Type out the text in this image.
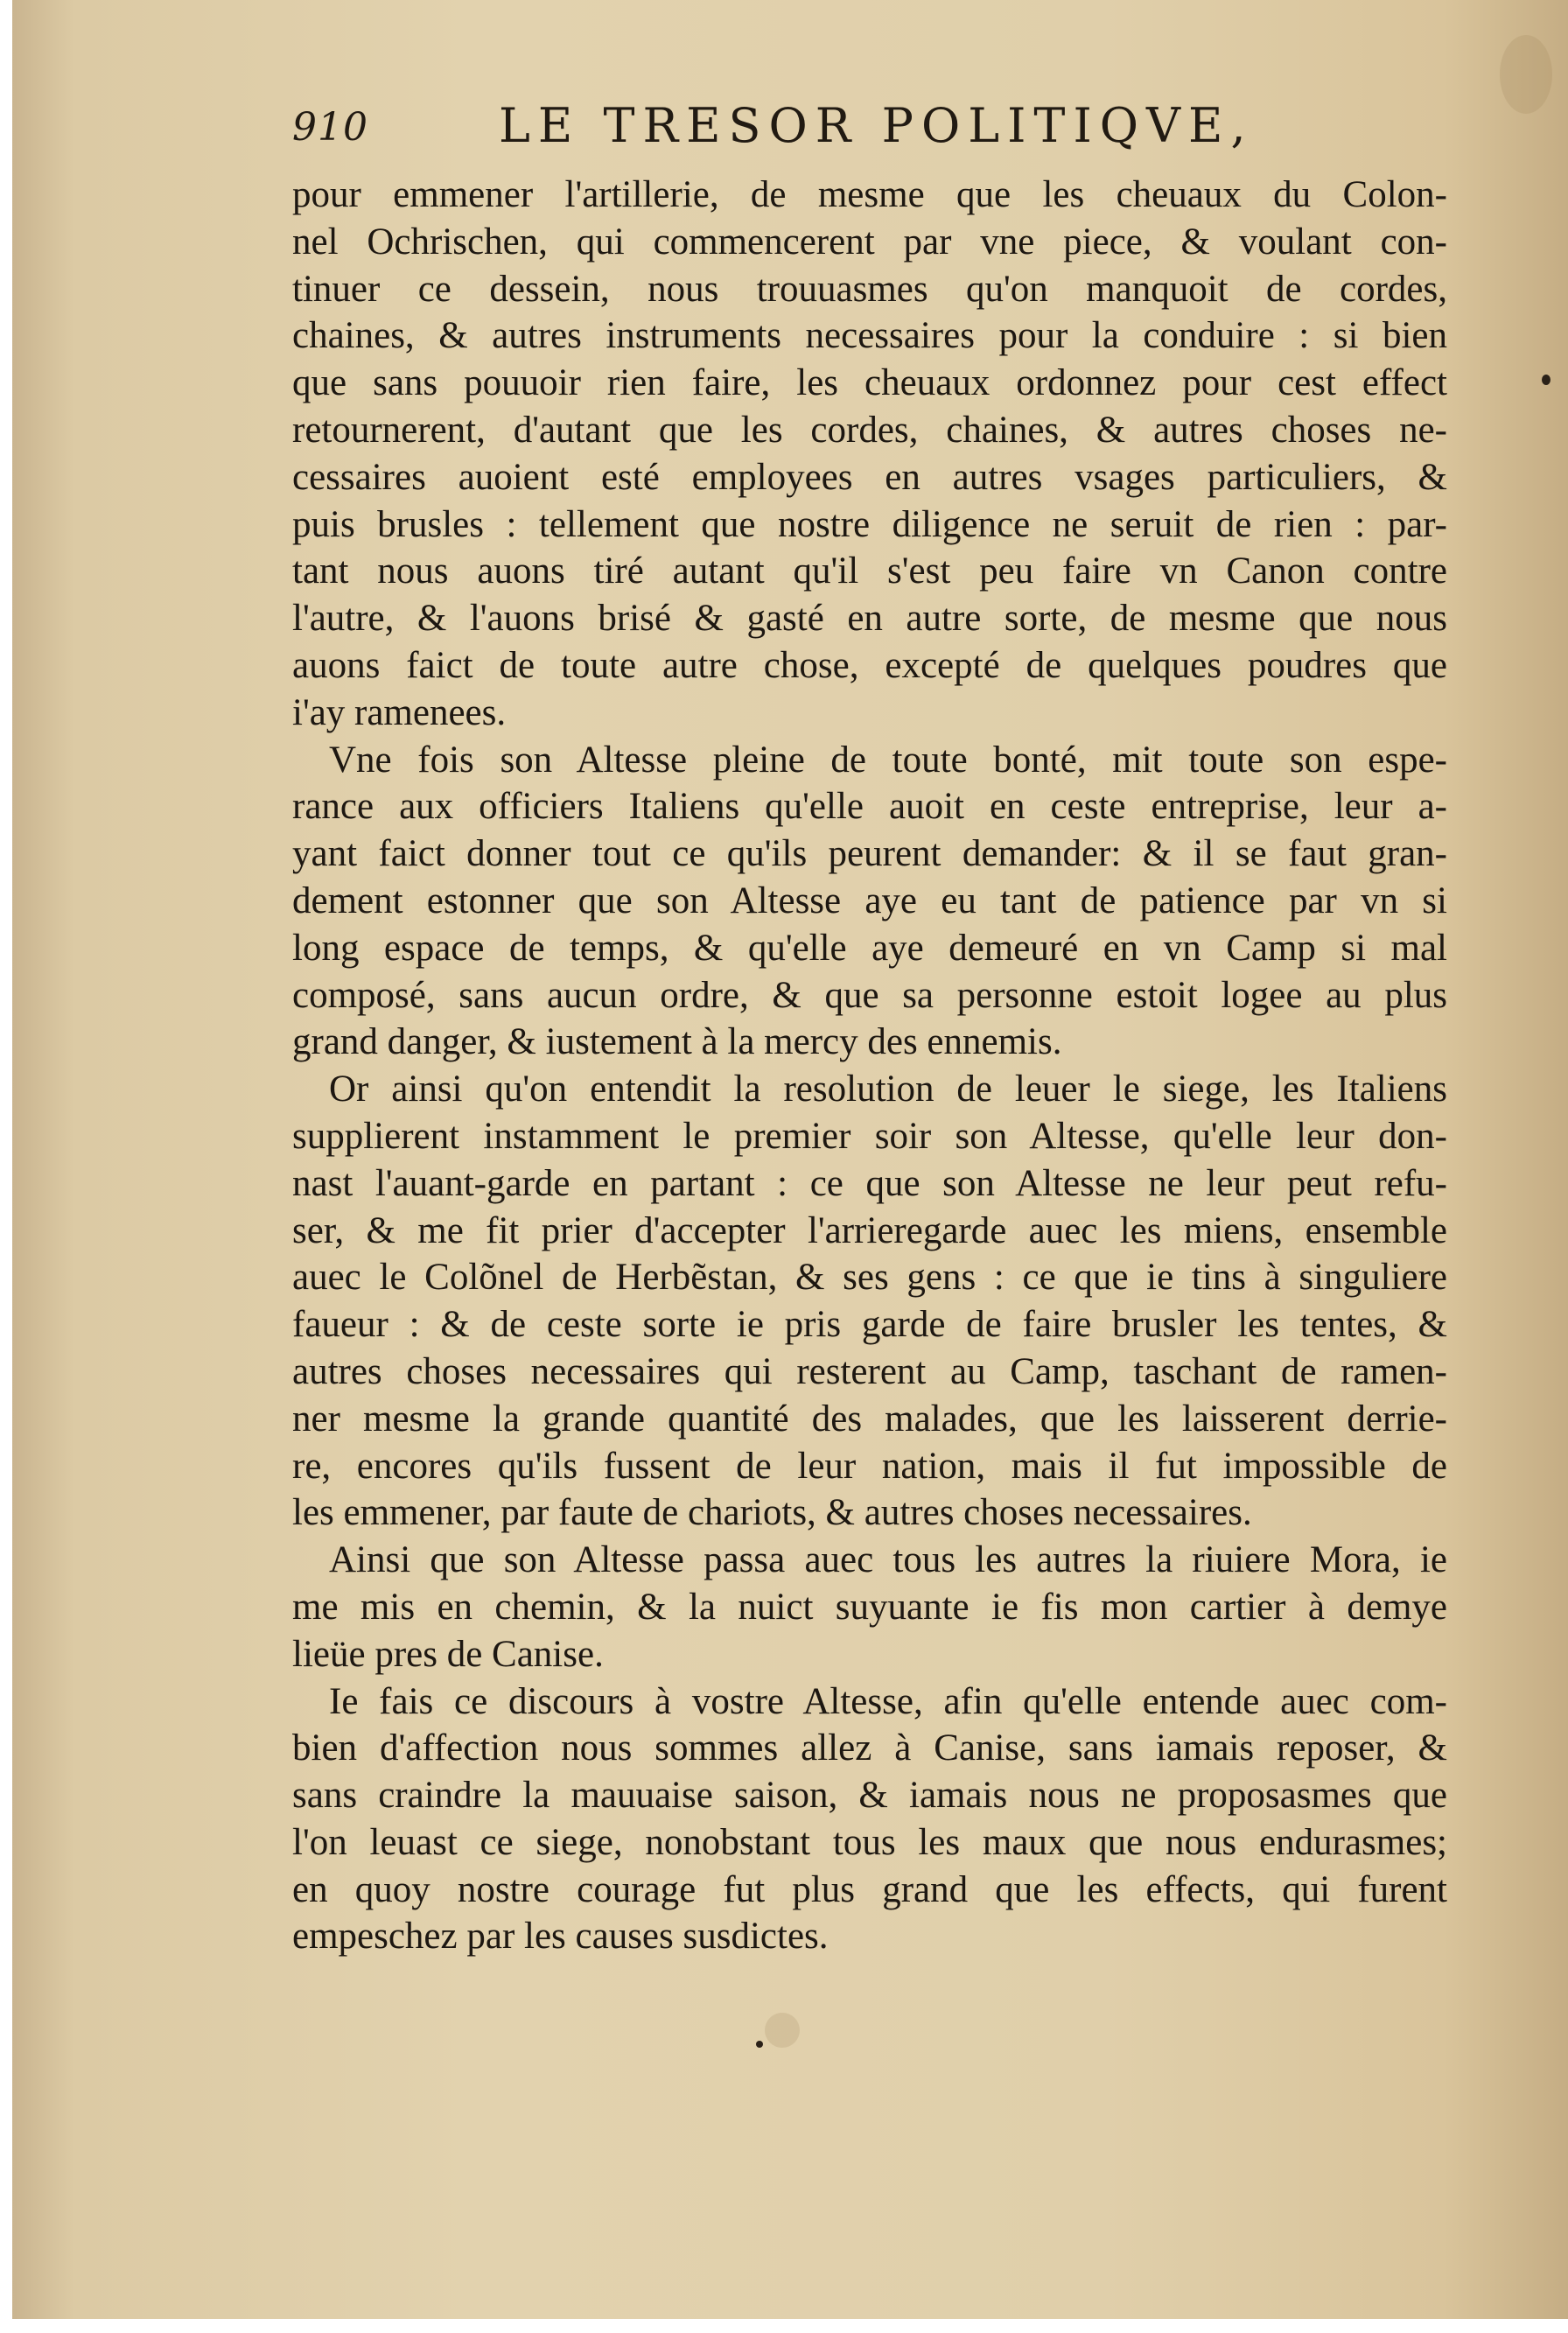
910	LE TRESOR POLITIQVE,
pour emmener l'artillerie, de mesme que les cheuaux du Colon-
nel Ochrischen, qui commencerent par vne piece, & voulant con-
tinuer ce dessein, nous trouuasmes qu'on manquoit de cordes,
chaines, & autres instruments necessaires pour la conduire : si bien
que sans pouuoir rien faire, les cheuaux ordonnez pour cest effect
retournerent, d'autant que les cordes, chaines, & autres choses ne-
cessaires auoient esté employees en autres vsages particuliers, &
puis brusles : tellement que nostre diligence ne seruit de rien : par-
tant nous auons tiré autant qu'il s'est peu faire vn Canon contre
l'autre, & l'auons brisé & gasté en autre sorte, de mesme que nous
auons faict de toute autre chose, excepté de quelques poudres que
i'ay ramenees.
Vne fois son Altesse pleine de toute bonté, mit toute son espe-
rance aux officiers Italiens qu'elle auoit en ceste entreprise, leur a-
yant faict donner tout ce qu'ils peurent demander: & il se faut gran-
dement estonner que son Altesse aye eu tant de patience par vn si
long espace de temps, & qu'elle aye demeuré en vn Camp si mal
composé, sans aucun ordre, & que sa personne estoit logee au plus
grand danger, & iustement à la mercy des ennemis.
Or ainsi qu'on entendit la resolution de leuer le siege, les Italiens
supplierent instamment le premier soir son Altesse, qu'elle leur don-
nast l'auant-garde en partant : ce que son Altesse ne leur peut refu-
ser, & me fit prier d'accepter l'arrieregarde auec les miens, ensemble
auec le Colõnel de Herbẽstan, & ses gens : ce que ie tins à singuliere
faueur : & de ceste sorte ie pris garde de faire brusler les tentes, &
autres choses necessaires qui resterent au Camp, taschant de ramen-
ner mesme la grande quantité des malades, que les laisserent derrie-
re, encores qu'ils fussent de leur nation, mais il fut impossible de
les emmener, par faute de chariots, & autres choses necessaires.
Ainsi que son Altesse passa auec tous les autres la riuiere Mora, ie
me mis en chemin, & la nuict suyuante ie fis mon cartier à demye
lieüe pres de Canise.
Ie fais ce discours à vostre Altesse, afin qu'elle entende auec com-
bien d'affection nous sommes allez à Canise, sans iamais reposer, &
sans craindre la mauuaise saison, & iamais nous ne proposasmes que
l'on leuast ce siege, nonobstant tous les maux que nous endurasmes;
en quoy nostre courage fut plus grand que les effects, qui furent
empeschez par les causes susdictes.
